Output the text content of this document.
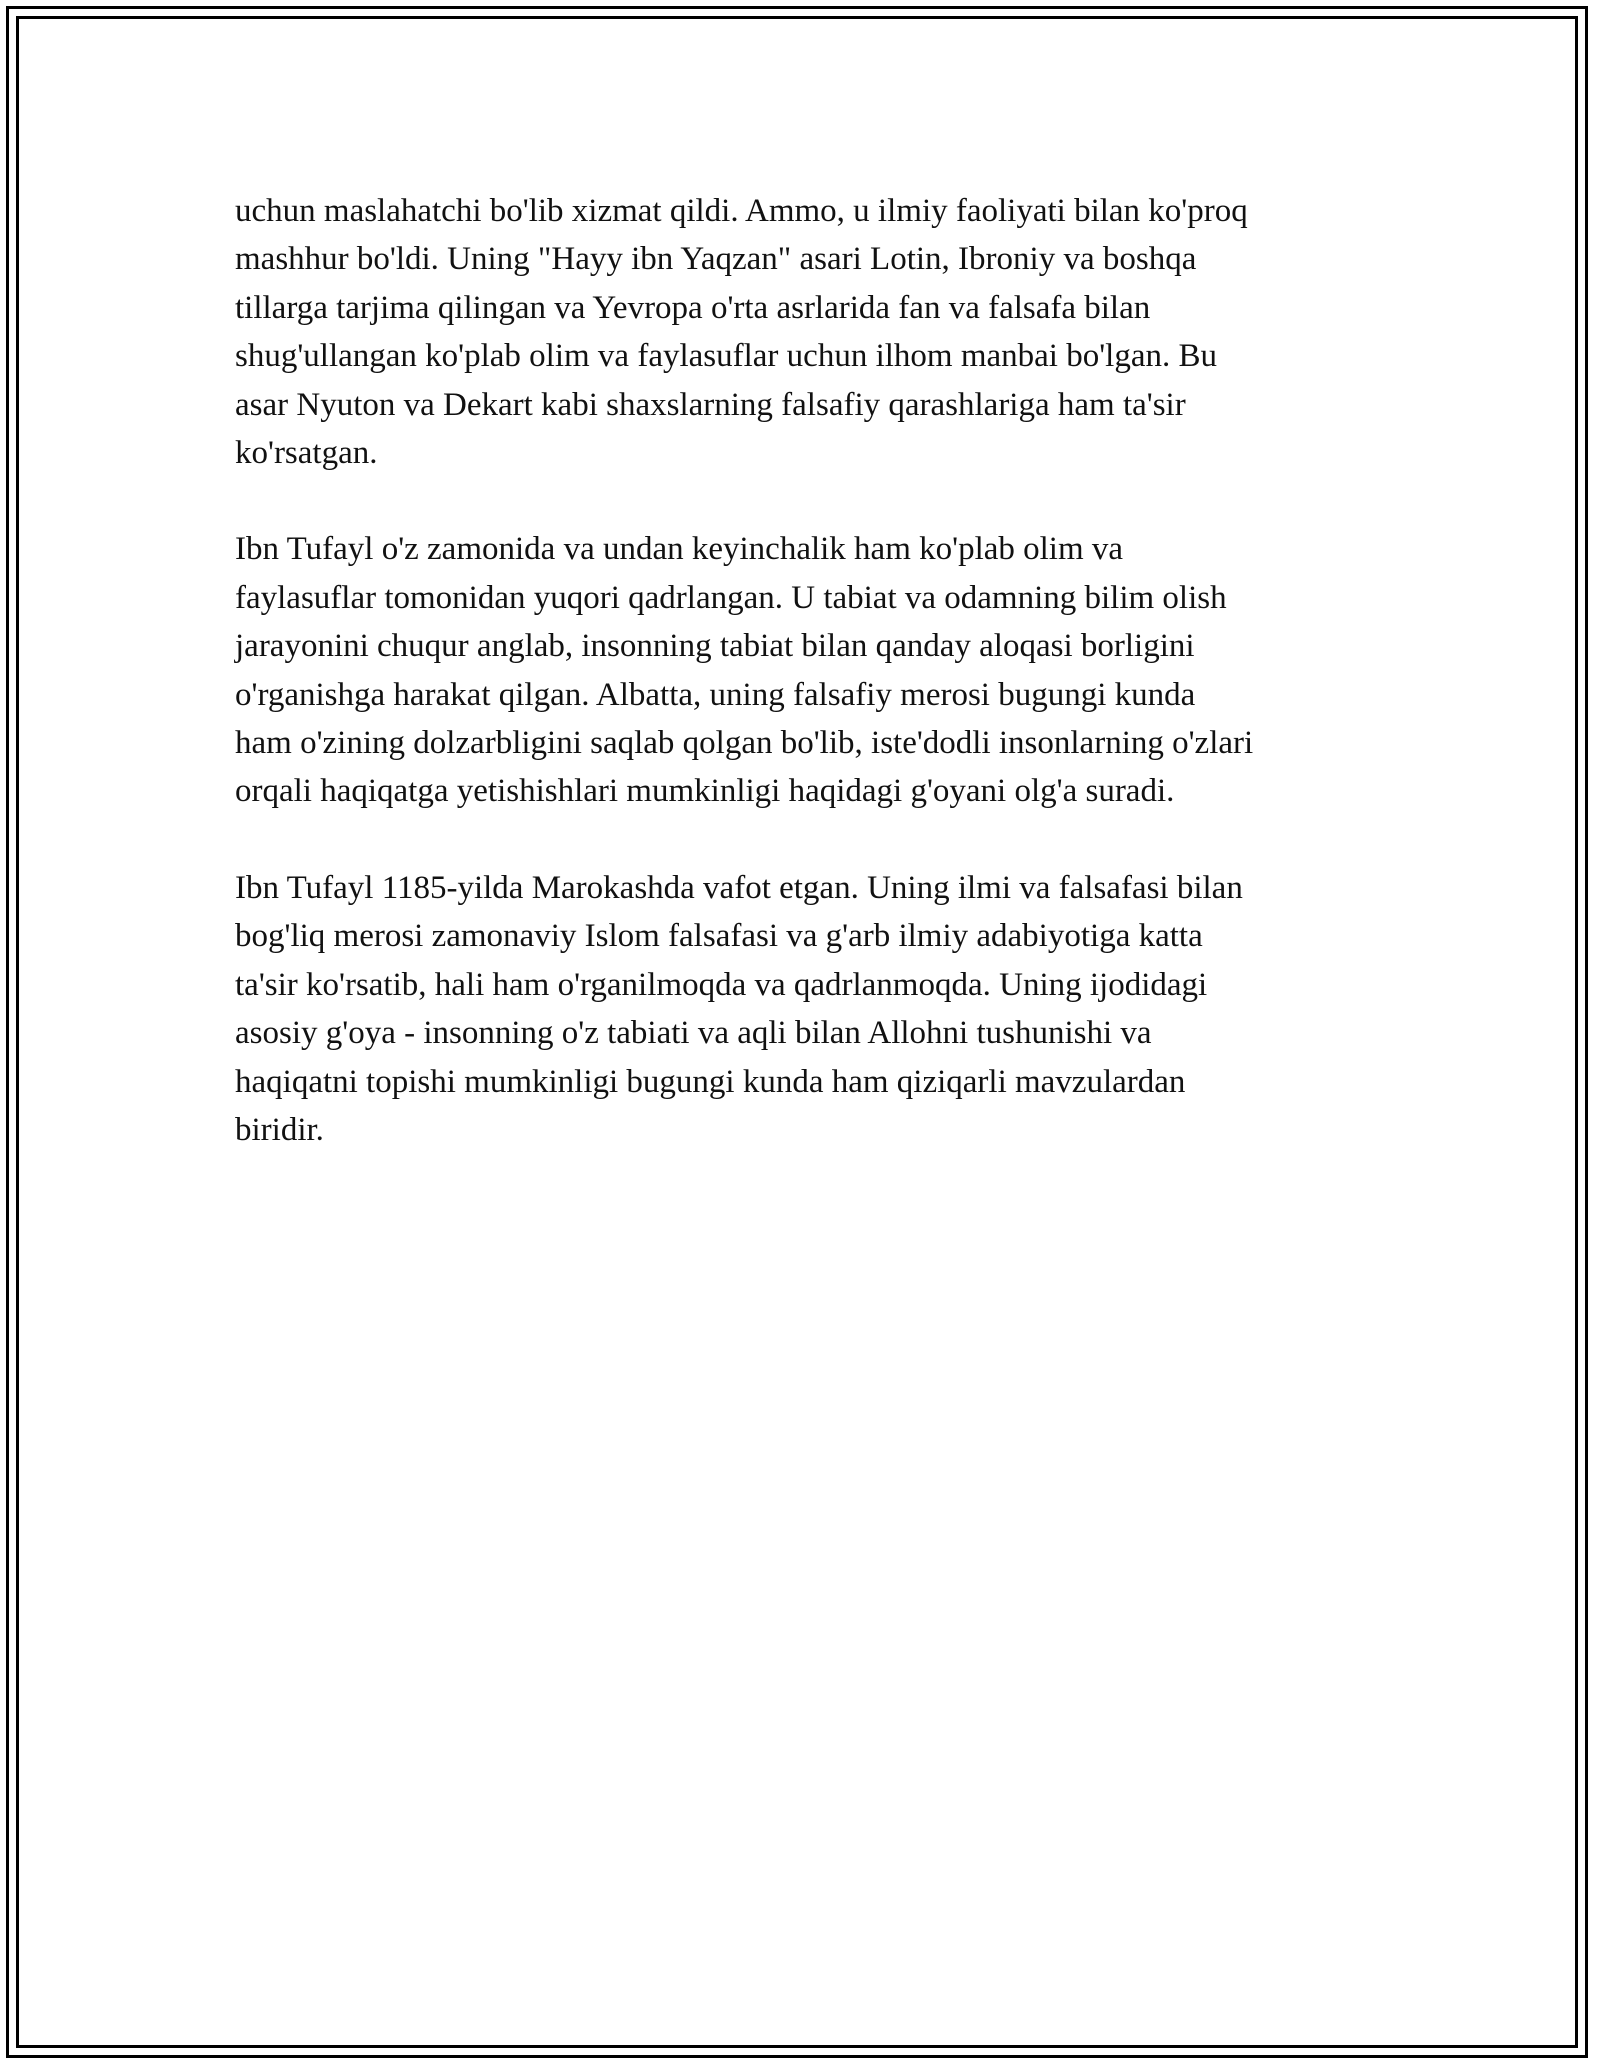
uchun maslahatchi bo'lib xizmat qildi. Ammo, u ilmiy faoliyati bilan ko'proq
mashhur bo'ldi. Uning "Hayy ibn Yaqzan" asari Lotin, Ibroniy va boshqa
tillarga tarjima qilingan va Yevropa o'rta asrlarida fan va falsafa bilan
shug'ullangan ko'plab olim va faylasuflar uchun ilhom manbai bo'lgan. Bu
asar Nyuton va Dekart kabi shaxslarning falsafiy qarashlariga ham ta'sir
ko'rsatgan.

Ibn Tufayl o'z zamonida va undan keyinchalik ham ko'plab olim va
faylasuflar tomonidan yuqori qadrlangan. U tabiat va odamning bilim olish
jarayonini chuqur anglab, insonning tabiat bilan qanday aloqasi borligini
o'rganishga harakat qilgan. Albatta, uning falsafiy merosi bugungi kunda
ham o'zining dolzarbligini saqlab qolgan bo'lib, iste'dodli insonlarning o'zlari
orqali haqiqatga yetishishlari mumkinligi haqidagi g'oyani olg'a suradi.

Ibn Tufayl 1185-yilda Marokashda vafot etgan. Uning ilmi va falsafasi bilan
bog'liq merosi zamonaviy Islom falsafasi va g'arb ilmiy adabiyotiga katta
ta'sir ko'rsatib, hali ham o'rganilmoqda va qadrlanmoqda. Uning ijodidagi
asosiy g'oya - insonning o'z tabiati va aqli bilan Allohni tushunishi va
haqiqatni topishi mumkinligi bugungi kunda ham qiziqarli mavzulardan
biridir.
